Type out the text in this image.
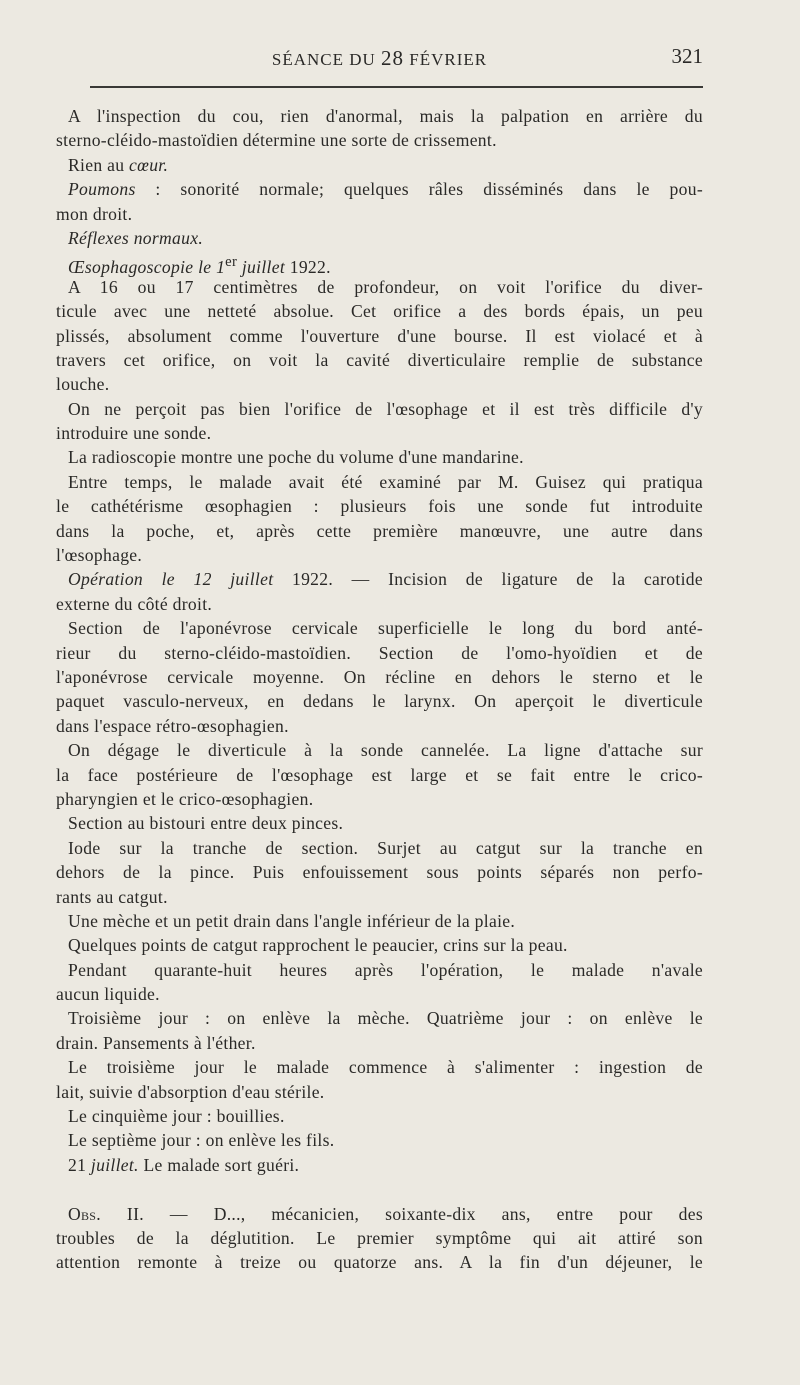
SÉANCE DU 28 FÉVRIER	321
A l'inspection du cou, rien d'anormal, mais la palpation en arrière du
sterno-cléido-mastoïdien détermine une sorte de crissement.
Rien au cœur.
Poumons : sonorité normale; quelques râles disséminés dans le pou-
mon droit.
Réflexes normaux.
Œsophagoscopie le 1er juillet 1922.
A 16 ou 17 centimètres de profondeur, on voit l'orifice du diver-
ticule avec une netteté absolue. Cet orifice a des bords épais, un peu
plissés, absolument comme l'ouverture d'une bourse. Il est violacé et à
travers cet orifice, on voit la cavité diverticulaire remplie de substance
louche.
On ne perçoit pas bien l'orifice de l'œsophage et il est très difficile d'y
introduire une sonde.
La radioscopie montre une poche du volume d'une mandarine.
Entre temps, le malade avait été examiné par M. Guisez qui pratiqua
le cathétérisme œsophagien : plusieurs fois une sonde fut introduite
dans la poche, et, après cette première manœuvre, une autre dans
l'œsophage.
Opération le 12 juillet 1922. — Incision de ligature de la carotide
externe du côté droit.
Section de l'aponévrose cervicale superficielle le long du bord anté-
rieur du sterno-cléido-mastoïdien. Section de l'omo-hyoïdien et de
l'aponévrose cervicale moyenne. On récline en dehors le sterno et le
paquet vasculo-nerveux, en dedans le larynx. On aperçoit le diverticule
dans l'espace rétro-œsophagien.
On dégage le diverticule à la sonde cannelée. La ligne d'attache sur
la face postérieure de l'œsophage est large et se fait entre le crico-
pharyngien et le crico-œsophagien.
Section au bistouri entre deux pinces.
Iode sur la tranche de section. Surjet au catgut sur la tranche en
dehors de la pince. Puis enfouissement sous points séparés non perfo-
rants au catgut.
Une mèche et un petit drain dans l'angle inférieur de la plaie.
Quelques points de catgut rapprochent le peaucier, crins sur la peau.
Pendant quarante-huit heures après l'opération, le malade n'avale
aucun liquide.
Troisième jour : on enlève la mèche. Quatrième jour : on enlève le
drain. Pansements à l'éther.
Le troisième jour le malade commence à s'alimenter : ingestion de
lait, suivie d'absorption d'eau stérile.
Le cinquième jour : bouillies.
Le septième jour : on enlève les fils.
21 juillet. Le malade sort guéri.
Obs. II. — D..., mécanicien, soixante-dix ans, entre pour des
troubles de la déglutition. Le premier symptôme qui ait attiré son
attention remonte à treize ou quatorze ans. A la fin d'un déjeuner, le
